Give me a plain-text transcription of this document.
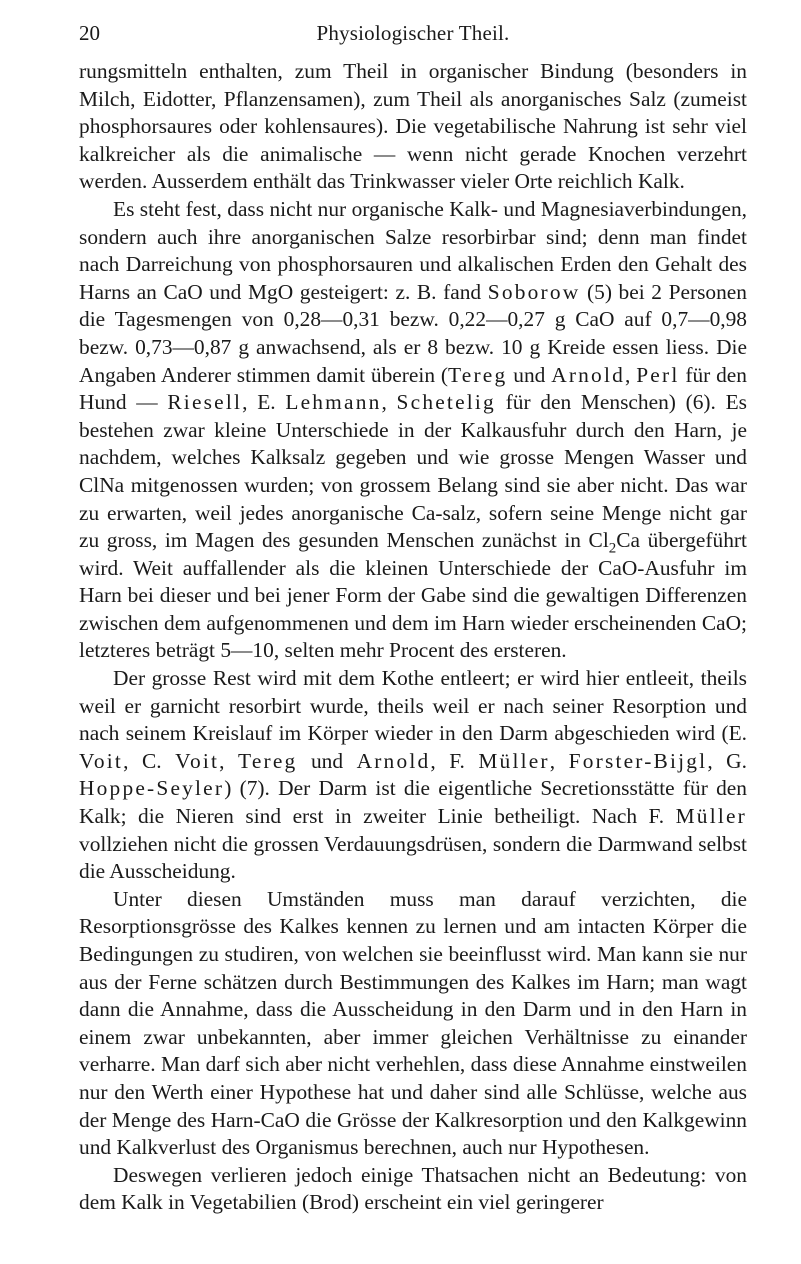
20	Physiologischer Theil.

rungsmitteln enthalten, zum Theil in organischer Bindung (besonders in Milch, Eidotter, Pflanzensamen), zum Theil als anorganisches Salz (zumeist phosphorsaures oder kohlensaures). Die vegetabilische Nahrung ist sehr viel kalkreicher als die animalische — wenn nicht gerade Knochen verzehrt werden. Ausserdem enthält das Trinkwasser vieler Orte reichlich Kalk.

Es steht fest, dass nicht nur organische Kalk- und Magnesiaverbindungen, sondern auch ihre anorganischen Salze resorbirbar sind; denn man findet nach Darreichung von phosphorsauren und alkalischen Erden den Gehalt des Harns an CaO und MgO gesteigert: z. B. fand Soborow (5) bei 2 Personen die Tagesmengen von 0,28—0,31 bezw. 0,22—0,27 g CaO auf 0,7—0,98 bezw. 0,73—0,87 g anwachsend, als er 8 bezw. 10 g Kreide essen liess. Die Angaben Anderer stimmen damit überein (Tereg und Arnold, Perl für den Hund — Riesell, E. Lehmann, Schetelig für den Menschen) (6). Es bestehen zwar kleine Unterschiede in der Kalkausfuhr durch den Harn, je nachdem, welches Kalksalz gegeben und wie grosse Mengen Wasser und ClNa mitgenossen wurden; von grossem Belang sind sie aber nicht. Das war zu erwarten, weil jedes anorganische Ca-salz, sofern seine Menge nicht gar zu gross, im Magen des gesunden Menschen zunächst in $Cl_2Ca$ übergeführt wird. Weit auffallender als die kleinen Unterschiede der CaO-Ausfuhr im Harn bei dieser und bei jener Form der Gabe sind die gewaltigen Differenzen zwischen dem aufgenommenen und dem im Harn wieder erscheinenden CaO; letzteres beträgt 5—10, selten mehr Procent des ersteren.

Der grosse Rest wird mit dem Kothe entleert; er wird hier entleeit, theils weil er garnicht resorbirt wurde, theils weil er nach seiner Resorption und nach seinem Kreislauf im Körper wieder in den Darm abgeschieden wird (E. Voit, C. Voit, Tereg und Arnold, F. Müller, Forster-Bijgl, G. Hoppe-Seyler) (7). Der Darm ist die eigentliche Secretionsstätte für den Kalk; die Nieren sind erst in zweiter Linie betheiligt. Nach F. Müller vollziehen nicht die grossen Verdauungsdrüsen, sondern die Darmwand selbst die Ausscheidung.

Unter diesen Umständen muss man darauf verzichten, die Resorptionsgrösse des Kalkes kennen zu lernen und am intacten Körper die Bedingungen zu studiren, von welchen sie beeinflusst wird. Man kann sie nur aus der Ferne schätzen durch Bestimmungen des Kalkes im Harn; man wagt dann die Annahme, dass die Ausscheidung in den Darm und in den Harn in einem zwar unbekannten, aber immer gleichen Verhältnisse zu einander verharre. Man darf sich aber nicht verhehlen, dass diese Annahme einstweilen nur den Werth einer Hypothese hat und daher sind alle Schlüsse, welche aus der Menge des Harn-CaO die Grösse der Kalkresorption und den Kalkgewinn und Kalkverlust des Organismus berechnen, auch nur Hypothesen.

Deswegen verlieren jedoch einige Thatsachen nicht an Bedeutung: von dem Kalk in Vegetabilien (Brod) erscheint ein viel geringerer
